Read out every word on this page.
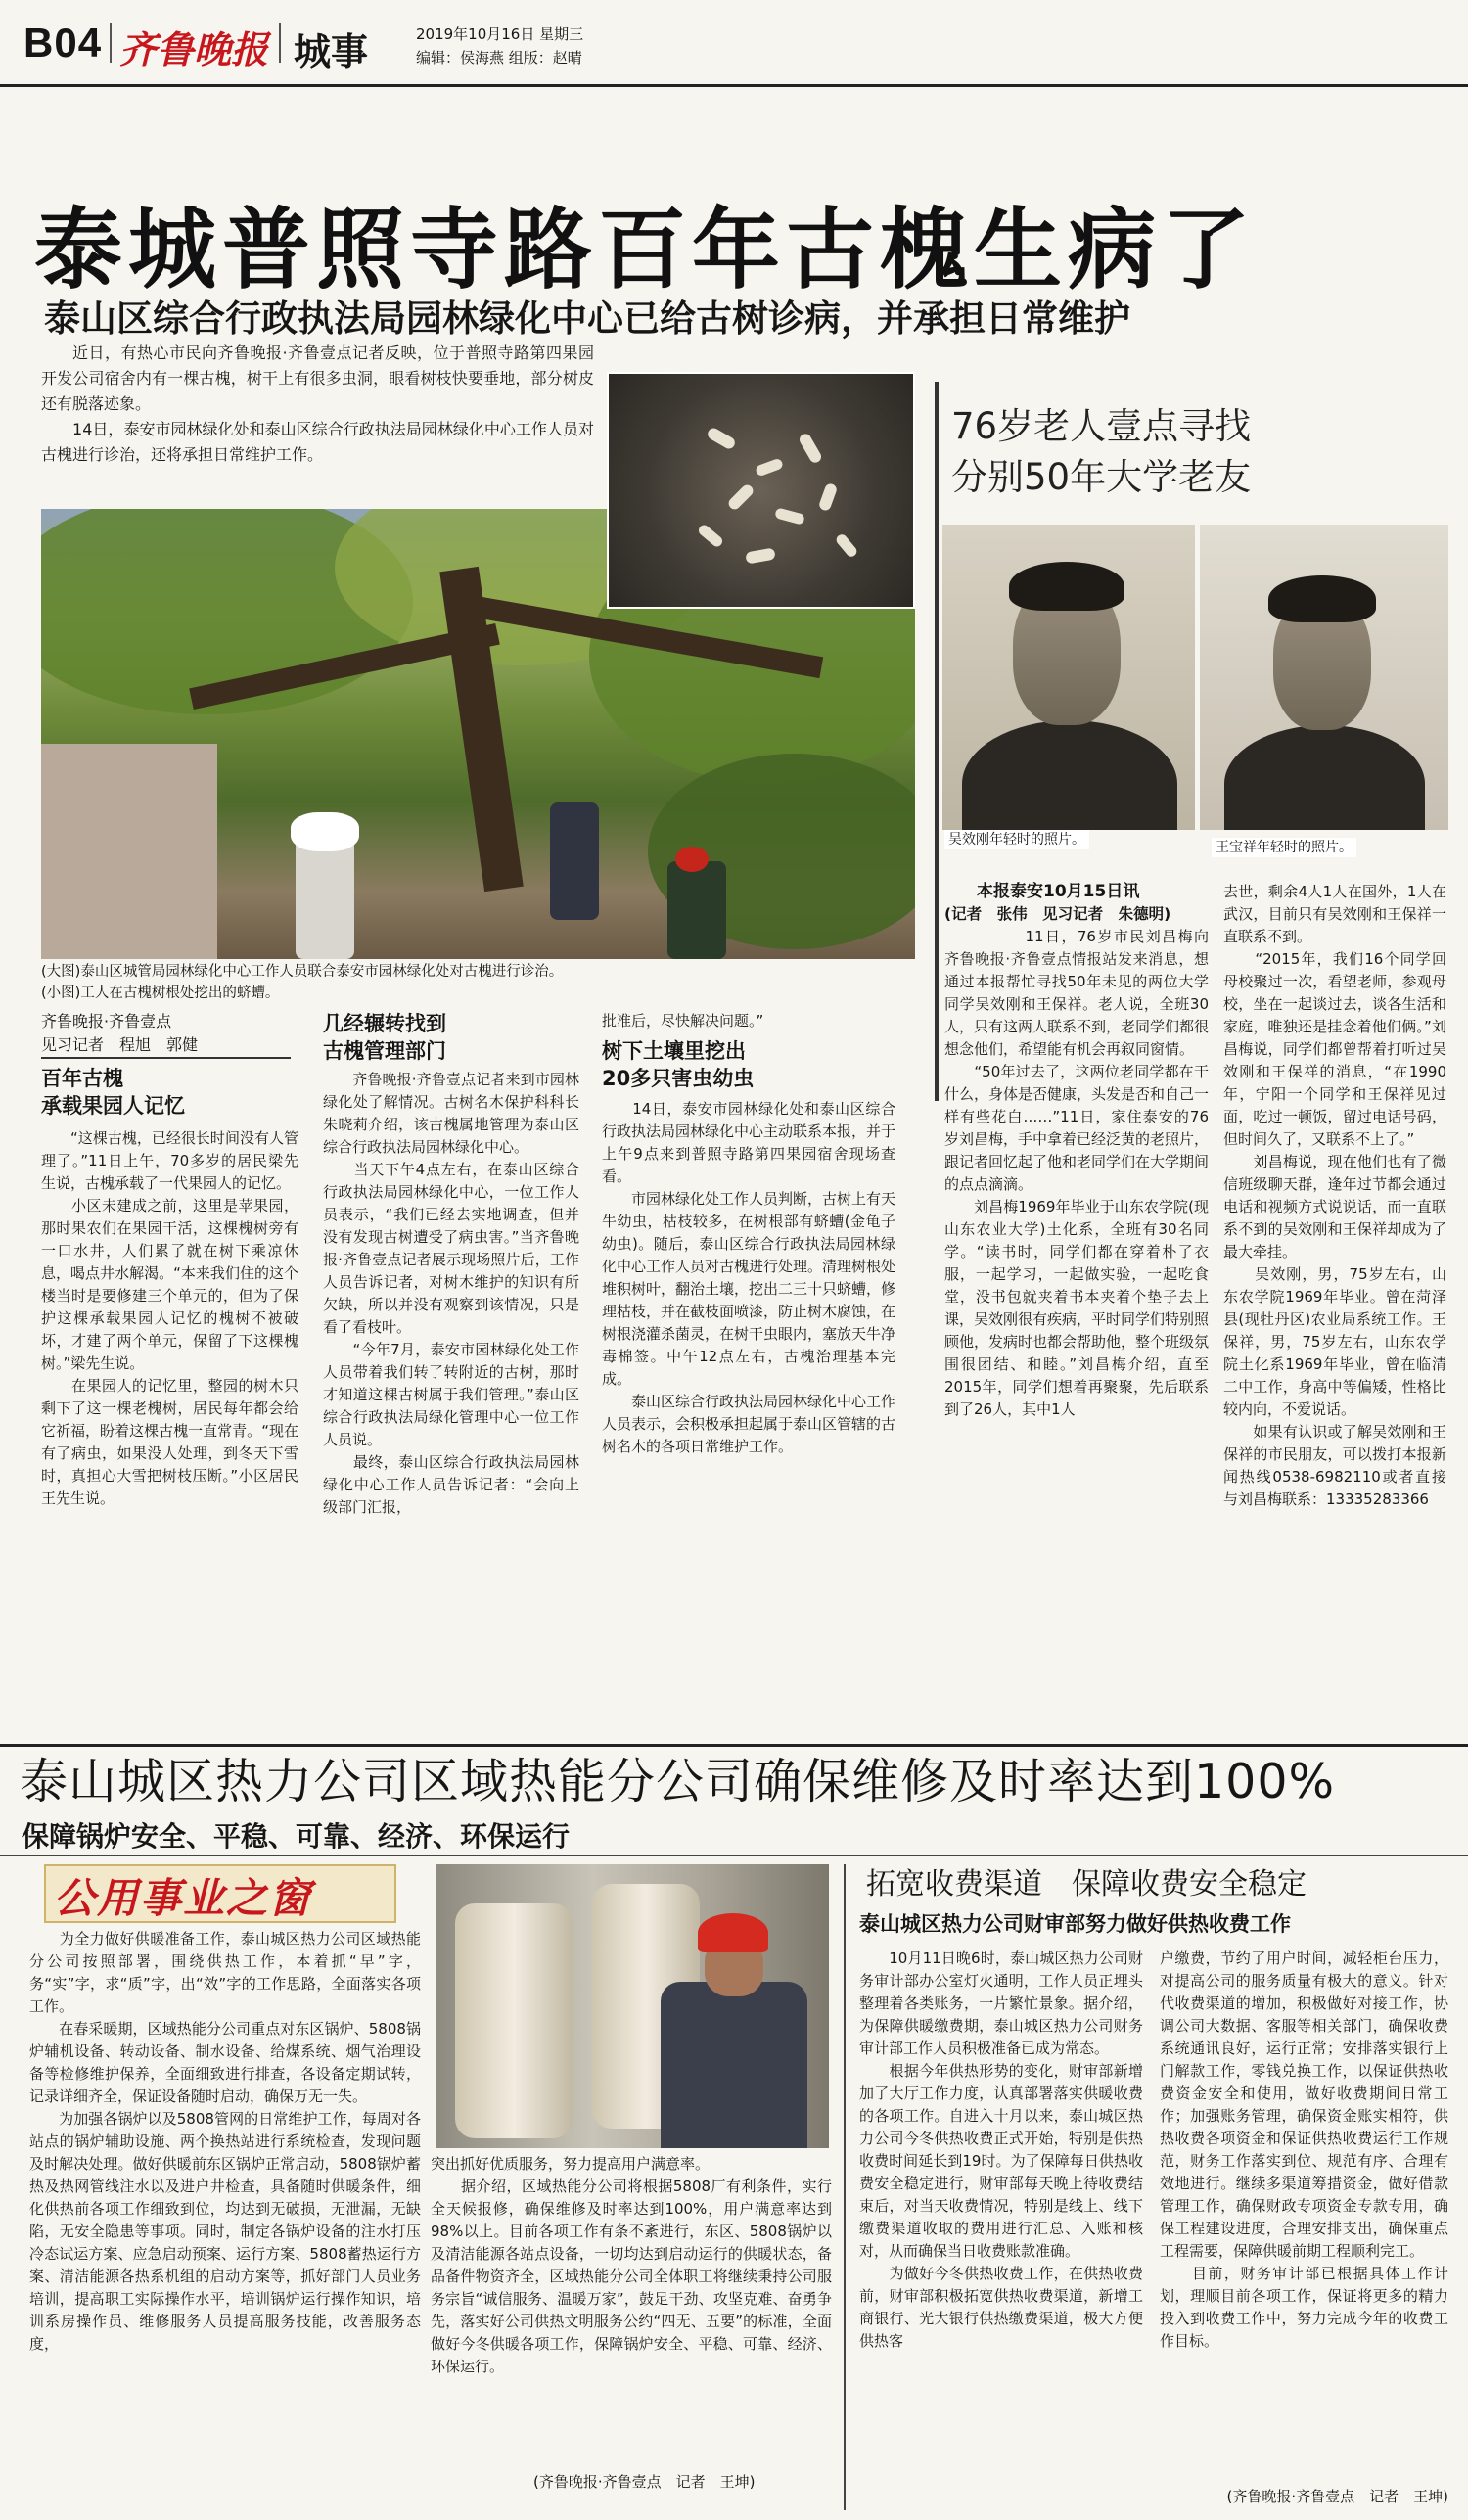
B04 齐鲁晚报 城事	2019年10月16日 星期三
编辑：侯海燕 组版：赵晴
泰城普照寺路百年古槐生病了
泰山区综合行政执法局园林绿化中心已给古树诊病，并承担日常维护
近日，有热心市民向齐鲁晚报·齐鲁壹点记者反映，位于普照寺路第四果园开发公司宿舍内有一棵古槐，树干上有很多虫洞，眼看树枝快要垂地，部分树皮还有脱落迹象。
　　14日，泰安市园林绿化处和泰山区综合行政执法局园林绿化中心工作人员对古槐进行诊治，还将承担日常维护工作。
(大图)泰山区城管局园林绿化中心工作人员联合泰安市园林绿化处对古槐进行诊治。
(小图)工人在古槐树根处挖出的蛴螬。
齐鲁晚报·齐鲁壹点
见习记者　程旭　郭健
百年古槐
承载果园人记忆
　　“这棵古槐，已经很长时间没有人管理了。”11日上午，70多岁的居民梁先生说，古槐承载了一代果园人的记忆。
　　小区未建成之前，这里是苹果园，那时果农们在果园干活，这棵槐树旁有一口水井，人们累了就在树下乘凉休息，喝点井水解渴。“本来我们住的这个楼当时是要修建三个单元的，但为了保护这棵承载果园人记忆的槐树不被破坏，才建了两个单元，保留了下这棵槐树。”梁先生说。
　　在果园人的记忆里，整园的树木只剩下了这一棵老槐树，居民每年都会给它祈福，盼着这棵古槐一直常青。“现在有了病虫，如果没人处理，到冬天下雪时，真担心大雪把树枝压断。”小区居民王先生说。
几经辗转找到
古槐管理部门
　　齐鲁晚报·齐鲁壹点记者来到市园林绿化处了解情况。古树名木保护科科长朱晓莉介绍，该古槐属地管理为泰山区综合行政执法局园林绿化中心。
　　当天下午4点左右，在泰山区综合行政执法局园林绿化中心，一位工作人员表示，“我们已经去实地调查，但并没有发现古树遭受了病虫害。”当齐鲁晚报·齐鲁壹点记者展示现场照片后，工作人员告诉记者，对树木维护的知识有所欠缺，所以并没有观察到该情况，只是看了看枝叶。
　　“今年7月，泰安市园林绿化处工作人员带着我们转了转附近的古树，那时才知道这棵古树属于我们管理。”泰山区综合行政执法局绿化管理中心一位工作人员说。
　　最终，泰山区综合行政执法局园林绿化中心工作人员告诉记者：“会向上级部门汇报，
批准后，尽快解决问题。”
树下土壤里挖出
20多只害虫幼虫
　　14日，泰安市园林绿化处和泰山区综合行政执法局园林绿化中心主动联系本报，并于上午9点来到普照寺路第四果园宿舍现场查看。
　　市园林绿化处工作人员判断，古树上有天牛幼虫，枯枝较多，在树根部有蛴螬(金龟子幼虫)。随后，泰山区综合行政执法局园林绿化中心工作人员对古槐进行处理。清理树根处堆积树叶，翻治土壤，挖出二三十只蛴螬，修理枯枝，并在截枝面喷漆，防止树木腐蚀，在树根浇灌杀菌灵，在树干虫眼内，塞放天牛净毒棉签。中午12点左右，古槐治理基本完成。
　　泰山区综合行政执法局园林绿化中心工作人员表示，会积极承担起属于泰山区管辖的古树名木的各项日常维护工作。
76岁老人壹点寻找
分别50年大学老友
吴效刚年轻时的照片。	王宝祥年轻时的照片。
本报泰安10月15日讯
(记者　张伟　见习记者　朱德明)
11日，76岁市民刘昌梅向齐鲁晚报·齐鲁壹点情报站发来消息，想通过本报帮忙寻找50年未见的两位大学同学吴效刚和王保祥。老人说，全班30人，只有这两人联系不到，老同学们都很想念他们，希望能有机会再叙同窗情。
　　“50年过去了，这两位老同学都在干什么，身体是否健康，头发是否和自己一样有些花白……”11日，家住泰安的76岁刘昌梅，手中拿着已经泛黄的老照片，跟记者回忆起了他和老同学们在大学期间的点点滴滴。
　　刘昌梅1969年毕业于山东农学院(现山东农业大学)土化系，全班有30名同学。“读书时，同学们都在穿着朴了衣服，一起学习，一起做实验，一起吃食堂，没书包就夹着书本夹着个垫子去上课，吴效刚很有疾病，平时同学们特别照顾他，发病时也都会帮助他，整个班级氛围很团结、和睦。”刘昌梅介绍，直至2015年，同学们想着再聚聚，先后联系到了26人，其中1人
去世，剩余4人1人在国外，1人在武汉，目前只有吴效刚和王保祥一直联系不到。
　　“2015年，我们16个同学回母校聚过一次，看望老师，参观母校，坐在一起谈过去，谈各生活和家庭，唯独还是挂念着他们俩。”刘昌梅说，同学们都曾帮着打听过吴效刚和王保祥的消息，“在1990年，宁阳一个同学和王保祥见过面，吃过一顿饭，留过电话号码，但时间久了，又联系不上了。”
　　刘昌梅说，现在他们也有了微信班级聊天群，逢年过节都会通过电话和视频方式说说话，而一直联系不到的吴效刚和王保祥却成为了最大牵挂。
　　吴效刚，男，75岁左右，山东农学院1969年毕业。曾在菏泽县(现牡丹区)农业局系统工作。王保祥，男，75岁左右，山东农学院土化系1969年毕业，曾在临清二中工作，身高中等偏矮，性格比较内向，不爱说话。
　　如果有认识或了解吴效刚和王保祥的市民朋友，可以拨打本报新闻热线0538-6982110或者直接与刘昌梅联系：13335283366
泰山城区热力公司区域热能分公司确保维修及时率达到100%
保障锅炉安全、平稳、可靠、经济、环保运行
公用事业之窗
　　为全力做好供暖准备工作，泰山城区热力公司区域热能分公司按照部署，围绕供热工作，本着抓“早”字，务“实”字，求“质”字，出“效”字的工作思路，全面落实各项工作。
　　在春采暖期，区域热能分公司重点对东区锅炉、5808锅炉辅机设备、转动设备、制水设备、给煤系统、烟气治理设备等检修维护保养，全面细致进行排查，各设备定期试转，记录详细齐全，保证设备随时启动，确保万无一失。
　　为加强各锅炉以及5808管网的日常维护工作，每周对各站点的锅炉辅助设施、两个换热站进行系统检查，发现问题及时解决处理。做好供暖前东区锅炉正常启动，5808锅炉蓄热及热网管线注水以及进户井检查，具备随时供暖条件，细化供热前各项工作细致到位，均达到无破损，无泄漏，无缺陷，无安全隐患等事项。同时，制定各锅炉设备的注水打压冷态试运方案、应急启动预案、运行方案、5808蓄热运行方案、清洁能源各热系机组的启动方案等，抓好部门人员业务培训，提高职工实际操作水平，培训锅炉运行操作知识，培训系房操作员、维修服务人员提高服务技能，改善服务态度，
突出抓好优质服务，努力提高用户满意率。
　　据介绍，区域热能分公司将根据5808厂有利条件，实行全天候报修，确保维修及时率达到100%，用户满意率达到98%以上。目前各项工作有条不紊进行，东区、5808锅炉以及清洁能源各站点设备，一切均达到启动运行的供暖状态，备品备件物资齐全，区域热能分公司全体职工将继续秉持公司服务宗旨“诚信服务、温暖万家”，鼓足干劲、攻坚克难、奋勇争先，落实好公司供热文明服务公约“四无、五要”的标准，全面做好今冬供暖各项工作，保障锅炉安全、平稳、可靠、经济、环保运行。
(齐鲁晚报·齐鲁壹点　记者　王坤)
拓宽收费渠道　保障收费安全稳定
泰山城区热力公司财审部努力做好供热收费工作
　　10月11日晚6时，泰山城区热力公司财务审计部办公室灯火通明，工作人员正埋头整理着各类账务，一片繁忙景象。据介绍，为保障供暖缴费期，泰山城区热力公司财务审计部工作人员积极准备已成为常态。
　　根据今年供热形势的变化，财审部新增加了大厅工作力度，认真部署落实供暖收费的各项工作。自进入十月以来，泰山城区热力公司今冬供热收费正式开始，特别是供热收费时间延长到19时。为了保障每日供热收费安全稳定进行，财审部每天晚上待收费结束后，对当天收费情况，特别是线上、线下缴费渠道收取的费用进行汇总、入账和核对，从而确保当日收费账款准确。
　　为做好今冬供热收费工作，在供热收费前，财审部积极拓宽供热收费渠道，新增工商银行、光大银行供热缴费渠道，极大方便供热客
户缴费，节约了用户时间，减轻柜台压力，对提高公司的服务质量有极大的意义。针对代收费渠道的增加，积极做好对接工作，协调公司大数据、客服等相关部门，确保收费系统通讯良好，运行正常；安排落实银行上门解款工作，零钱兑换工作，以保证供热收费资金安全和使用，做好收费期间日常工作；加强账务管理，确保资金账实相符，供热收费各项资金和保证供热收费运行工作规范，财务工作落实到位、规范有序、合理有效地进行。继续多渠道筹措资金，做好借款管理工作，确保财政专项资金专款专用，确保工程建设进度，合理安排支出，确保重点工程需要，保障供暖前期工程顺利完工。
　　目前，财务审计部已根据具体工作计划，理顺目前各项工作，保证将更多的精力投入到收费工作中，努力完成今年的收费工作目标。
(齐鲁晚报·齐鲁壹点　记者　王坤)
